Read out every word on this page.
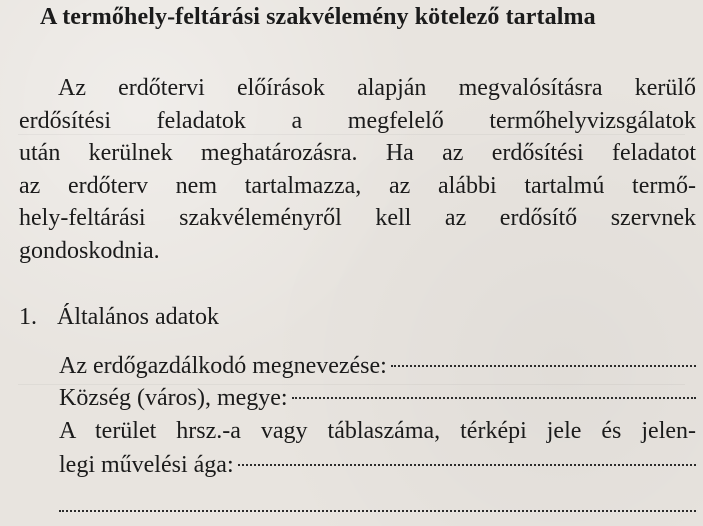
A termőhely-feltárási szakvélemény kötelező tartalma
Az erdőtervi előírások alapján megvalósításra kerülő
erdősítési feladatok a megfelelő termőhelyvizsgálatok
után kerülnek meghatározásra. Ha az erdősítési feladatot
az erdőterv nem tartalmazza, az alábbi tartalmú termő-
hely-feltárási szakvéleményről kell az erdősítő szervnek
gondoskodnia.
1. Általános adatok
Az erdőgazdálkodó megnevezése:
Község (város), megye:
A terület hrsz.-a vagy táblaszáma, térképi jele és jelen-
legi művelési ága:
